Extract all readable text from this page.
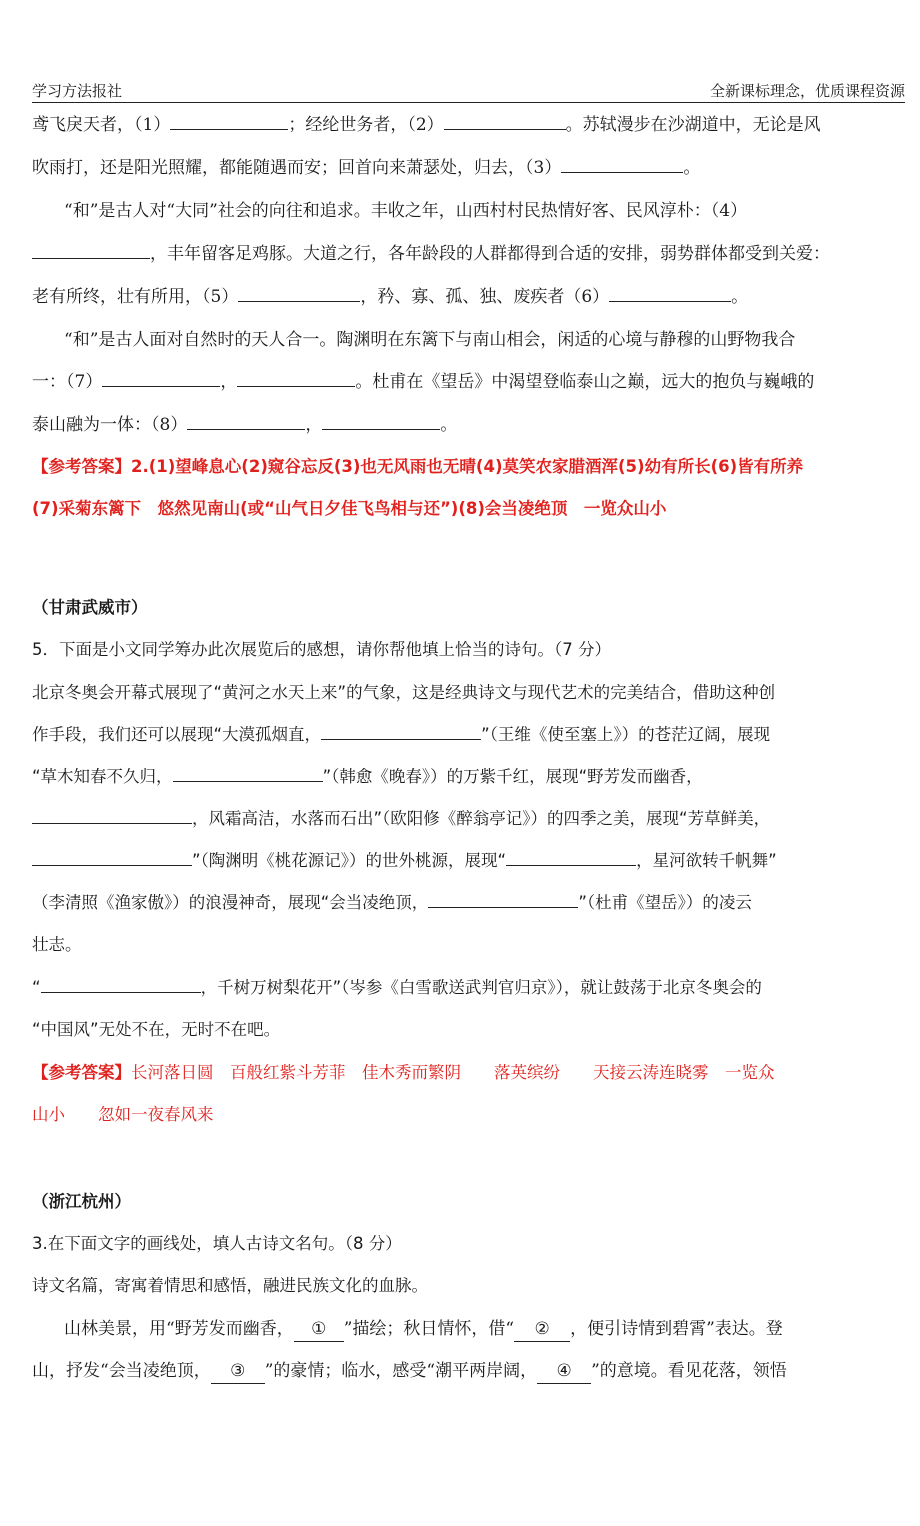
学习方法报社	全新课标理念，优质课程资源
鸢飞戾天者，（1）	；经纶世务者，（2）	。苏轼漫步在沙湖道中，无论是风
吹雨打，还是阳光照耀，都能随遇而安；回首向来萧瑟处，归去，（3）	。
“和”是古人对“大同”社会的向往和追求。丰收之年，山西村村民热情好客、民风淳朴：（4）
，丰年留客足鸡豚。大道之行，各年龄段的人群都得到合适的安排，弱势群体都受到关爱：
老有所终，壮有所用，（5）	，矜、寡、孤、独、废疾者（6）	。
“和”是古人面对自然时的天人合一。陶渊明在东篱下与南山相会，闲适的心境与静穆的山野物我合
一：（7）	，	。杜甫在《望岳》中渴望登临泰山之巅，远大的抱负与巍峨的
泰山融为一体：（8）	，	。
【参考答案】2.(1)望峰息心(2)窥谷忘反(3)也无风雨也无晴(4)莫笑农家腊酒浑(5)幼有所长(6)皆有所养
(7)采菊东篱下　悠然见南山(或“山气日夕佳飞鸟相与还”)(8)会当凌绝顶　一览众山小
（甘肃武威市）
5．下面是小文同学筹办此次展览后的感想，请你帮他填上恰当的诗句。（7 分）
北京冬奥会开幕式展现了“黄河之水天上来”的气象，这是经典诗文与现代艺术的完美结合，借助这种创
作手段，我们还可以展现“大漠孤烟直，	”（王维《使至塞上》）的苍茫辽阔，展现
“草木知春不久归，	”（韩愈《晚春》）的万紫千红，展现“野芳发而幽香，
，风霜高洁，水落而石出”（欧阳修《醉翁亭记》）的四季之美，展现“芳草鲜美，
”（陶渊明《桃花源记》）的世外桃源，展现“	，星河欲转千帆舞”
（李清照《渔家傲》）的浪漫神奇，展现“会当凌绝顶，	”（杜甫《望岳》）的凌云
壮志。
“	，千树万树梨花开”（岑参《白雪歌送武判官归京》），就让鼓荡于北京冬奥会的
“中国风”无处不在，无时不在吧。
【参考答案】长河落日圆　百般红紫斗芳菲　佳木秀而繁阴　　落英缤纷　　天接云涛连晓雾　一览众
山小　　忽如一夜春风来
（浙江杭州）
3.在下面文字的画线处，填人古诗文名句。（8 分）
诗文名篇，寄寓着情思和感悟，融进民族文化的血脉。
山林美景，用“野芳发而幽香， ① ”描绘；秋日情怀，借“ ② ，便引诗情到碧霄”表达。登
山，抒发“会当凌绝顶， ③ ”的豪情；临水，感受“潮平两岸阔， ④ ”的意境。看见花落，领悟
